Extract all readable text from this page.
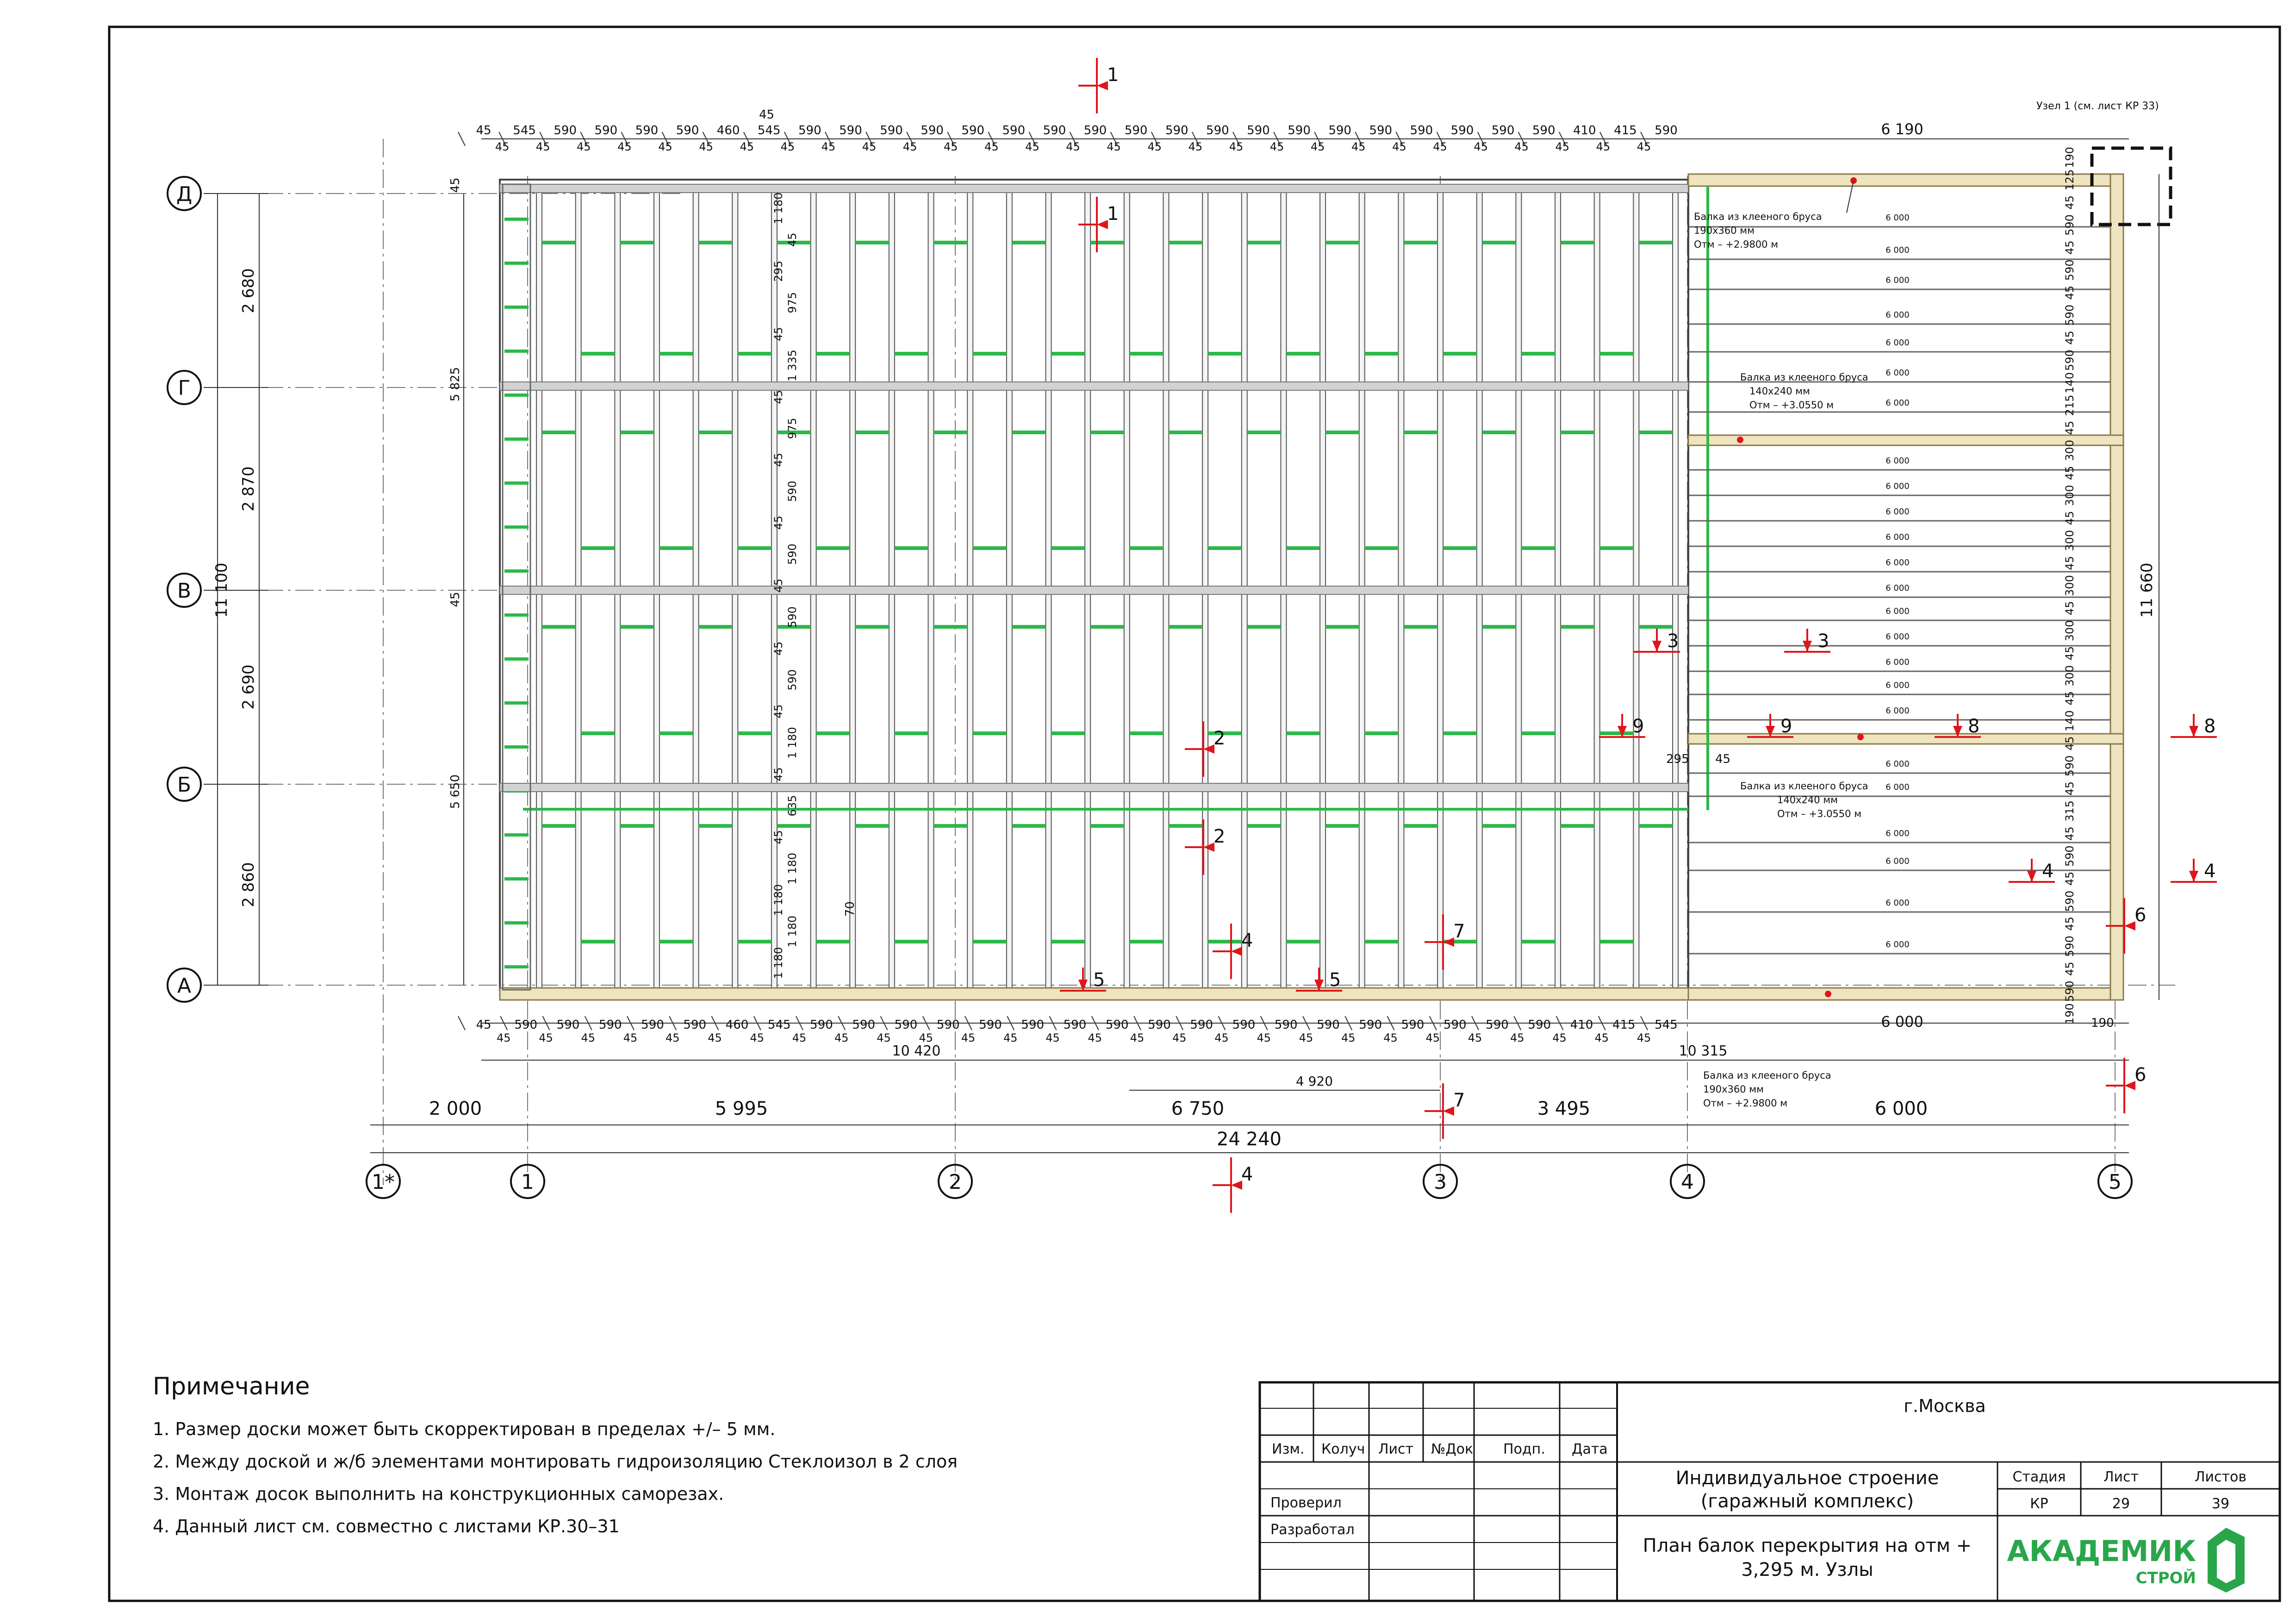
6 000
6 000
6 000
6 000
6 000
6 000
6 000
6 000
6 000
6 000
6 000
6 000
6 000
6 000
6 000
6 000
6 000
6 000
6 000
6 000
6 000
6 000
6 000
6 000
Узел 1 (см. лист КР 33)
Балка из клееного бруса
190х360 мм
Отм – +2.9800 м
Балка из клееного бруса
140х240 мм
Отм – +3.0550 м
Балка из клееного бруса
140х240 мм
Отм – +3.0550 м
Балка из клееного бруса
190х360 мм
Отм – +2.9800 м
Д
Г
В
Б
А
1*	1	2	3	4	5
2 680
2 870
2 690
2 860
11 100
5 825
5 650
45
45	11 660
45 545
45
590
45
590
45
590
45
590
45
460
45
545
45
590
45
590
45
590
45
590
45
590
45
590
45
590
45
590
45
590
45
590
45
590
45
590
45
590
45
590
45
590
45
590
45
590
45
590
45
590
45
410
45
415
45
590
45
45
6 190
45 590
45
590
45
590
45
590
45
590
45
460
45
545
45
590
45
590
45
590
45
590
45
590
45
590
45
590
45
590
45
590
45
590
45
590
45
590
45
590
45
590
45
590
45
590
45
590
45
590
45
410
45
415
45
545
45
6 000
10 420	10 315
4 920
2 000	5 995	6 750	3 495	6 000
24 240
190
125
45
590
45
590
45
590
45
590
140
215
45
300
45
300
45
300
45
300
45
300
45
300
45
140
45
590
45
315
45
590
45
590
45
590
45
590
190
1 180
45
295
975
45
1 335
45
975
45
590
45
590
45
590
45
590
45
1 180
45
635
45
1 180
1 180
1 180
1 180
295 45
70
190
1
1
2
2
3	3
4
4
4	4
5	5
6
6
7
7
8	8
9	9
г.Москва
Изм. Колуч Лист №Док Подп. Дата
Проверил
Разработал
Индивидуальное строение
(гаражный комплекс)
Стадия	Лист	Листов
КР	29	39
План балок перекрытия на отм +
3,295 м. Узлы
АКАДЕМИК
СТРОЙ
Примечание
1. Размер доски может быть скорректирован в пределах +/– 5 мм.
2. Между доской и ж/б элементами монтировать гидроизоляцию Стеклоизол в 2 слоя
3. Монтаж досок выполнить на конструкционных саморезах.
4. Данный лист см. совместно с листами КР.30–31
